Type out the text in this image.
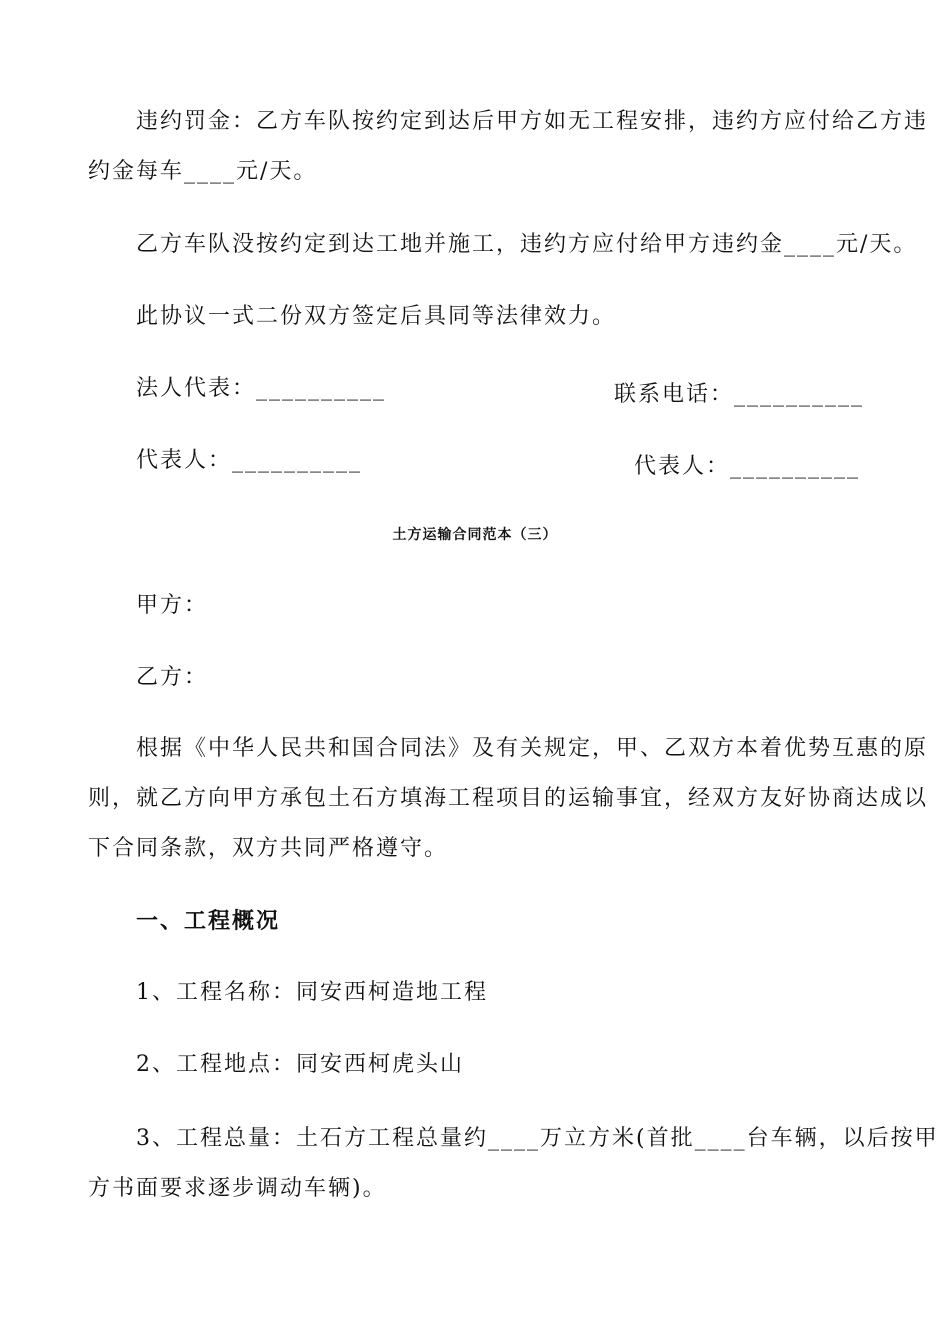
违约罚金：乙方车队按约定到达后甲方如无工程安排，违约方应付给乙方违
约金每车____元/天。
乙方车队没按约定到达工地并施工，违约方应付给甲方违约金____元/天。
此协议一式二份双方签定后具同等法律效力。
法人代表：__________	联系电话：__________
代表人：__________	代表人：__________
土方运输合同范本（三）
甲方：
乙方：
根据《中华人民共和国合同法》及有关规定，甲、乙双方本着优势互惠的原
则，就乙方向甲方承包土石方填海工程项目的运输事宜，经双方友好协商达成以
下合同条款，双方共同严格遵守。
一、工程概况
1、工程名称：同安西柯造地工程
2、工程地点：同安西柯虎头山
3、工程总量：土石方工程总量约____万立方米(首批____台车辆，以后按甲
方书面要求逐步调动车辆)。
